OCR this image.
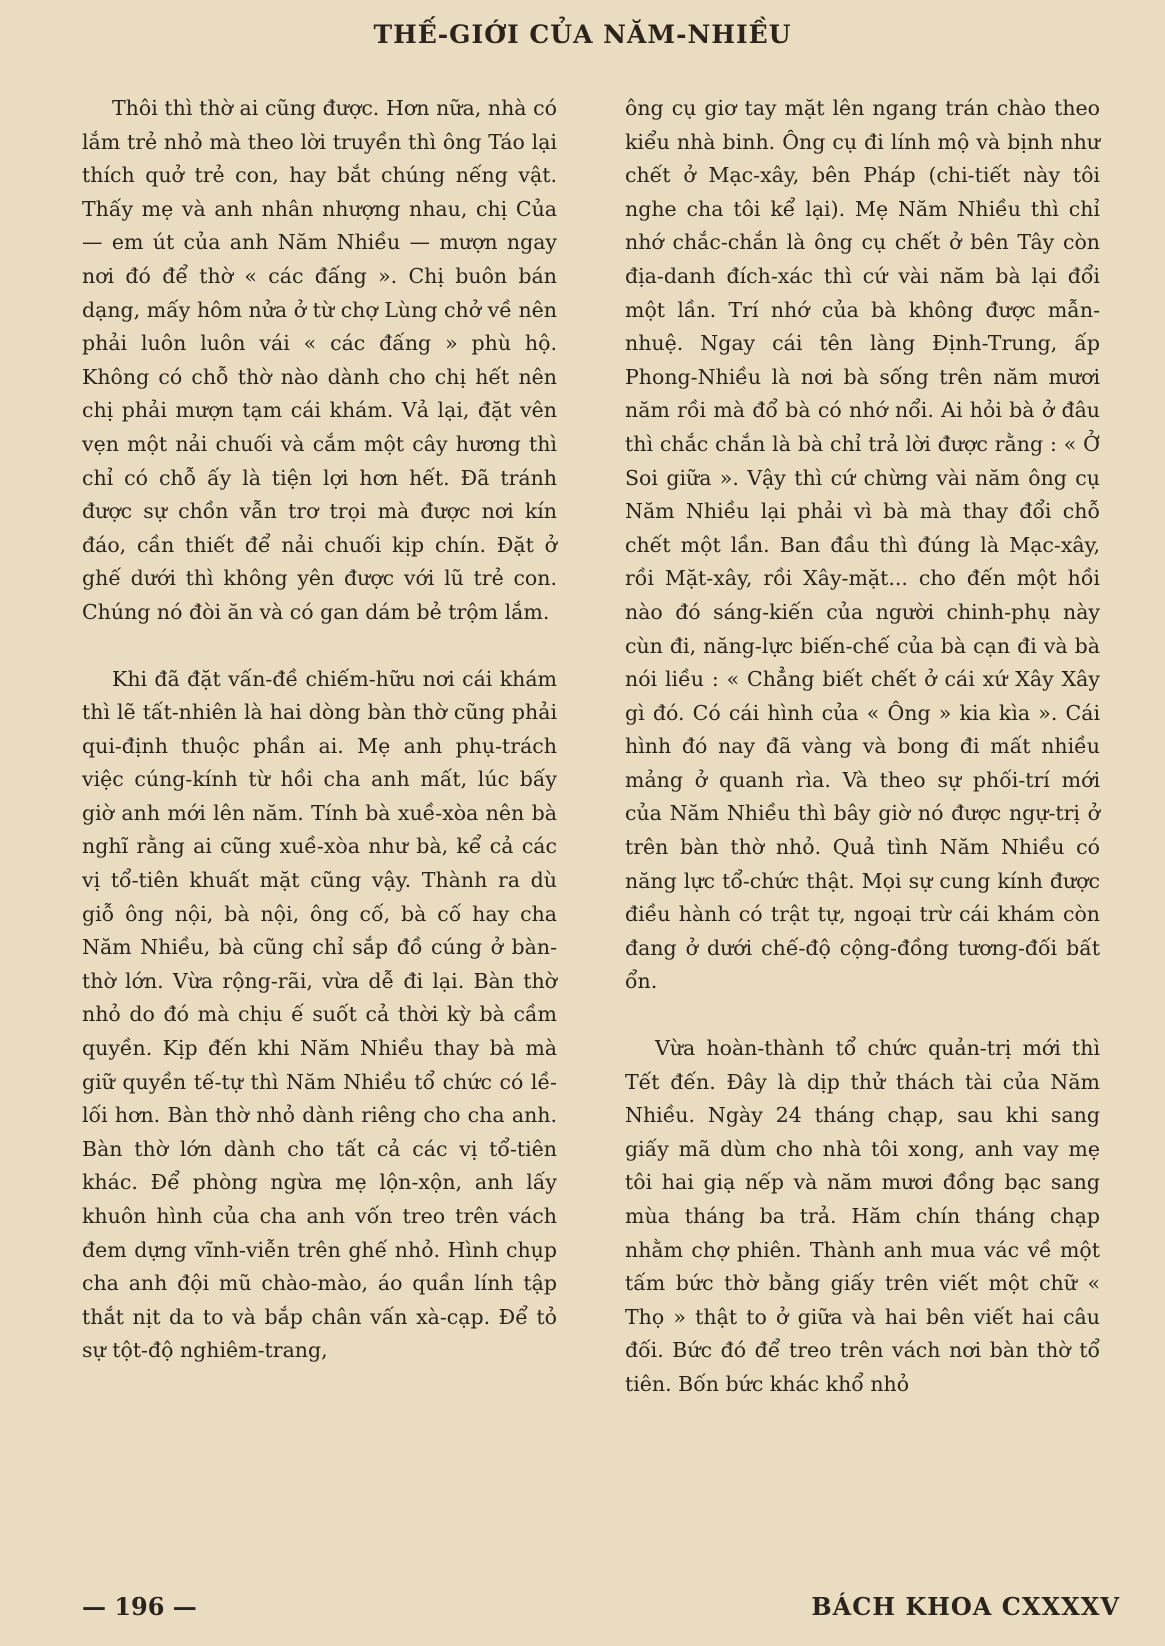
THẾ-GIỚI CỦA NĂM-NHIỀU

Thôi thì thờ ai cũng được. Hơn nữa, nhà có lắm trẻ nhỏ mà theo lời truyền thì ông Táo lại thích quở trẻ con, hay bắt chúng nếng vật. Thấy mẹ và anh nhân nhượng nhau, chị Của — em út của anh Năm Nhiều — mượn ngay nơi đó để thờ « các đấng ». Chị buôn bán dạng, mấy hôm nửa ở từ chợ Lùng chở về nên phải luôn luôn vái « các đấng » phù hộ. Không có chỗ thờ nào dành cho chị hết nên chị phải mượn tạm cái khám. Vả lại, đặt vên vẹn một nải chuối và cắm một cây hương thì chỉ có chỗ ấy là tiện lợi hơn hết. Đã tránh được sự chồn vẫn trơ trọi mà được nơi kín đáo, cần thiết để nải chuối kịp chín. Đặt ở ghế dưới thì không yên được với lũ trẻ con. Chúng nó đòi ăn và có gan dám bẻ trộm lắm.

Khi đã đặt vấn-đề chiếm-hữu nơi cái khám thì lẽ tất-nhiên là hai dòng bàn thờ cũng phải qui-định thuộc phần ai. Mẹ anh phụ-trách việc cúng-kính từ hồi cha anh mất, lúc bấy giờ anh mới lên năm. Tính bà xuề-xòa nên bà nghĩ rằng ai cũng xuề-xòa như bà, kể cả các vị tổ-tiên khuất mặt cũng vậy. Thành ra dù giỗ ông nội, bà nội, ông cố, bà cố hay cha Năm Nhiều, bà cũng chỉ sắp đồ cúng ở bàn-thờ lớn. Vừa rộng-rãi, vừa dễ đi lại. Bàn thờ nhỏ do đó mà chịu ế suốt cả thời kỳ bà cầm quyền. Kịp đến khi Năm Nhiều thay bà mà giữ quyền tế-tự thì Năm Nhiều tổ chức có lề-lối hơn. Bàn thờ nhỏ dành riêng cho cha anh. Bàn thờ lớn dành cho tất cả các vị tổ-tiên khác. Để phòng ngừa mẹ lộn-xộn, anh lấy khuôn hình của cha anh vốn treo trên vách đem dựng vĩnh-viễn trên ghế nhỏ. Hình chụp cha anh đội mũ chào-mào, áo quần lính tập thắt nịt da to và bắp chân vấn xà-cạp. Để tỏ sự tột-độ nghiêm-trang,

ông cụ giơ tay mặt lên ngang trán chào theo kiểu nhà binh. Ông cụ đi lính mộ và bịnh như chết ở Mạc-xây, bên Pháp (chi-tiết này tôi nghe cha tôi kể lại). Mẹ Năm Nhiều thì chỉ nhớ chắc-chắn là ông cụ chết ở bên Tây còn địa-danh đích-xác thì cứ vài năm bà lại đổi một lần. Trí nhớ của bà không được mẫn-nhuệ. Ngay cái tên làng Định-Trung, ấp Phong-Nhiều là nơi bà sống trên năm mươi năm rồi mà đổ bà có nhớ nổi. Ai hỏi bà ở đâu thì chắc chắn là bà chỉ trả lời được rằng : « Ở Soi giữa ». Vậy thì cứ chừng vài năm ông cụ Năm Nhiều lại phải vì bà mà thay đổi chỗ chết một lần. Ban đầu thì đúng là Mạc-xây, rồi Mặt-xây, rồi Xây-mặt... cho đến một hồi nào đó sáng-kiến của người chinh-phụ này cùn đi, năng-lực biến-chế của bà cạn đi và bà nói liều : « Chẳng biết chết ở cái xứ Xây Xây gì đó. Có cái hình của « Ông » kia kìa ». Cái hình đó nay đã vàng và bong đi mất nhiều mảng ở quanh rìa. Và theo sự phối-trí mới của Năm Nhiều thì bây giờ nó được ngự-trị ở trên bàn thờ nhỏ. Quả tình Năm Nhiều có năng lực tổ-chức thật. Mọi sự cung kính được điều hành có trật tự, ngoại trừ cái khám còn đang ở dưới chế-độ cộng-đồng tương-đối bất ổn.

Vừa hoàn-thành tổ chức quản-trị mới thì Tết đến. Đây là dịp thử thách tài của Năm Nhiều. Ngày 24 tháng chạp, sau khi sang giấy mã dùm cho nhà tôi xong, anh vay mẹ tôi hai giạ nếp và năm mươi đồng bạc sang mùa tháng ba trả. Hăm chín tháng chạp nhằm chợ phiên. Thành anh mua vác về một tấm bức thờ bằng giấy trên viết một chữ « Thọ » thật to ở giữa và hai bên viết hai câu đối. Bức đó để treo trên vách nơi bàn thờ tổ tiên. Bốn bức khác khổ nhỏ

— 196 —	BÁCH KHOA CXXXXV
